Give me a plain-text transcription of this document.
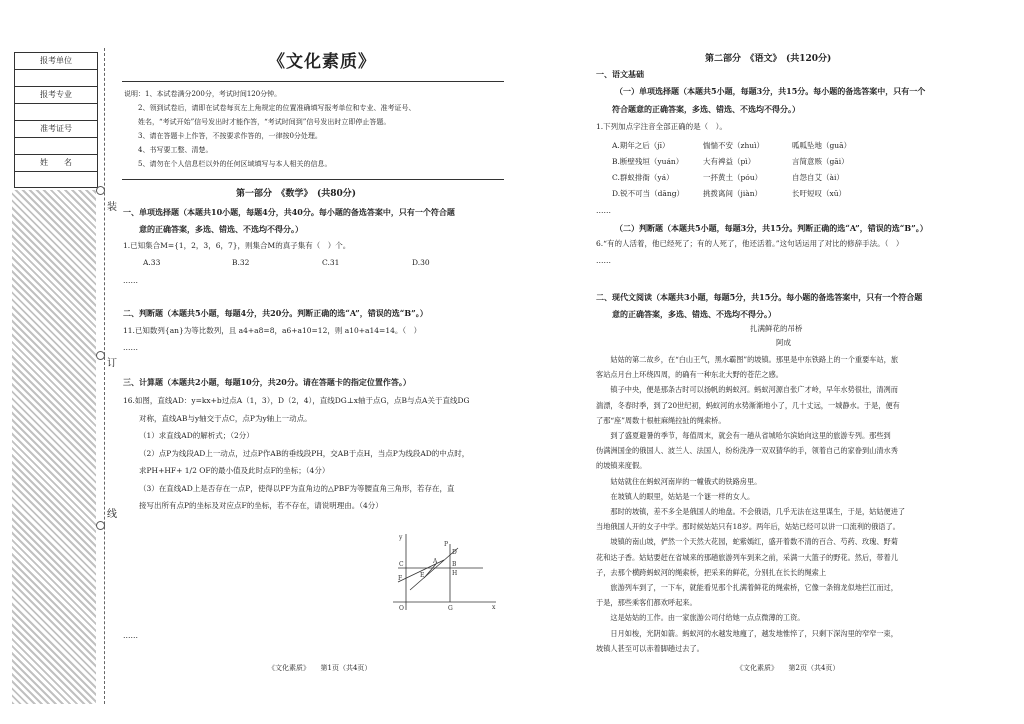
报考单位
报考专业
准考证号
姓　　名
装
订
线
《文化素质》
说明：1、本试卷满分200分，考试时间120分钟。
　　2、领到试卷后，请即在试卷每页左上角规定的位置准确填写报考单位和专业、准考证号、
　　姓名，“考试开始”信号发出时才能作答，“考试时间到”信号发出时立即停止答题。
　　3、请在答题卡上作答，不按要求作答的，一律按0分处理。
　　4、书写要工整、清楚。
　　5、请勿在个人信息栏以外的任何区域填写与本人相关的信息。
第一部分　《数学》　(共80分)
一、单项选择题（本题共10小题，每题4分，共40分。每小题的备选答案中，只有一个符合题
意的正确答案，多选、错选、不选均不得分。）
1.已知集合M={1，2，3，6，7}，则集合M的真子集有（　）个。
A.33	B.32	C.31	D.30
……
二、判断题（本题共5小题，每题4分，共20分。判断正确的选“A”，错误的选“B”。）
11.已知数列{an}为等比数列，且 a4+a8=8，a6+a10=12，则 a10+a14=14。（　）
……
三、计算题（本题共2小题，每题10分，共20分。请在答题卡的指定位置作答。）
16.如图，直线AD：y=kx+b过点A（1，3），D（2，4），直线DG⊥x轴于点G，点B与点A关于直线DG
对称，直线AB与y轴交于点C，点P为y轴上一动点。
（1）求直线AD的解析式；（2分）
（2）点P为线段AD上一动点，过点P作AB的垂线段PH，交AB于点H，当点P为线段AD的中点时，
求PH+HF+ 1/2 OF的最小值及此时点F的坐标；（4分）
（3）在直线AD上是否存在一点P，使得以PF为直角边的△PBF为等腰直角三角形，若存在，直
接写出所有点P的坐标及对应点F的坐标，若不存在，请说明理由。（4分）
y
P
D
C	A B
E
F
H
O	G	x
……
《文化素质》　　第1页（共4页）
第二部分　《语文》　(共120分)
一、语文基础
（一）单项选择题（本题共5小题，每题3分，共15分。每小题的备选答案中，只有一个
符合题意的正确答案，多选、错选、不选均不得分。）
1.下列加点字注音全部正确的是（　）。
A.期年之后（jī）	惴惴不安（zhuì）	呱呱坠地（guā）
B.断壁残垣（yuán）	大有裨益（pì）	言简意赅（gāi）
C.群蚁排衙（yá）	一抔黄土（póu）	自怨自艾（ài）
D.锐不可当（dāng）	挑拨离间（jiàn）	长吁短叹（xū）
……
（二）判断题（本题共5小题，每题3分，共15分。判断正确的选“A”，错误的选“B”。）
6.“有的人活着，他已经死了；有的人死了，他还活着。”这句话运用了对比的修辞手法。（　）
……
二、现代文阅读（本题共3小题，每题5分，共15分。每小题的备选答案中，只有一个符合题
意的正确答案，多选、错选、不选均不得分。）
扎满鲜花的吊桥
阿成
　　姑姑的第二故乡，在“白山王气，黑水霸图”的坡镇。那里是中东铁路上的一个重要车站，旅
客站点月台上环绕四周，的确有一种东北大野的苍茫之感。
　　镇子中央，便是那条古时可以扬帆的蚂蚁河。蚂蚁河源自张广才岭，早年水势很壮，清冽而
湍漂，冬春时季，到了20世纪初，蚂蚁河的水势渐渐地小了，几十丈远，一城静水。于是，便有
了那“座”周数十根桩麻绳拉扯的绳索桥。
　　到了盛夏避暑的季节，每值周末，就会有一趟从省城哈尔滨始向这里的旅游专列。那些到
伪满洲国金的俄国人、波兰人、法国人，纷纷洗净一双双猜华的手，领着自己的家眷到山清水秀
的坡镇来度假。
　　姑姑就住在蚂蚁河南岸的一幢俄式的铁路房里。
　　在坡镇人的眼里，姑姑是一个谜一样的女人。
　　那时的坡镇，差不多全是俄国人的地盘。不会俄语，几乎无法在这里谋生，于是，姑姑便进了
当地俄国人开的女子中学。那时候姑姑只有18岁。两年后，姑姑已经可以讲一口流利的俄语了。
　　坡镇的南山坡，俨然一个天然大花园，蛇紫嫣红，盛开着数不清的百合、芍药、玫瑰、野菊
花和达子香。姑姑要赶在省城来的那趟旅游列车到来之前，采满一大篮子的野花。然后，带着儿
子，去那个横跨蚂蚁河的绳索桥，把采来的鲜花，分别扎在长长的绳索上
　　旅游列车到了，一下车，就能看见那个扎满着鲜花的绳索桥，它像一条锦龙似地拦江而过，
于是，那些乘客们都欢呼起来。
　　这是姑姑的工作。由一家旅游公司付给她一点点微薄的工资。
　　日月如梭，光阴如箭。蚂蚁河的水越发地瘦了，越发地惟悴了，只剩下深沟里的窄窄一束，
坡镇人甚至可以赤着脚趟过去了。
《文化素质》　　第2页（共4页）
